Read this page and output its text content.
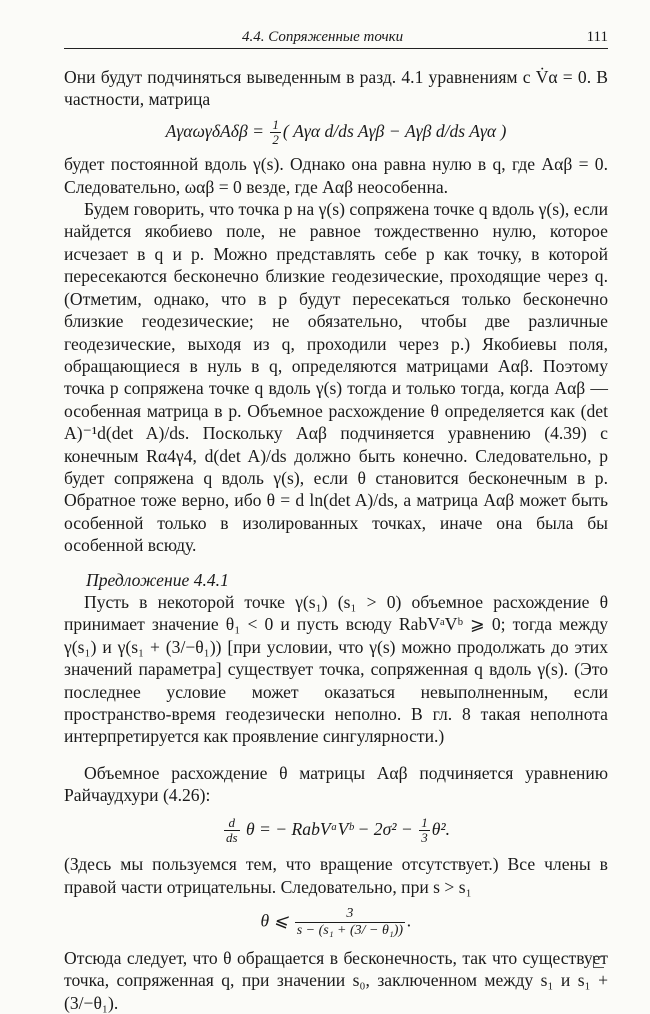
4.4. Сопряженные точки	111

Они будут подчиняться выведенным в разд. 4.1 уравнениям с V̇α = 0. В частности, матрица

$A\gamma\alpha\omega\gamma\delta A\delta\beta = \frac{1}{2}$ ( Aγα d/ds Aγβ − Aγβ d/ds Aγα )

будет постоянной вдоль γ(s). Однако она равна нулю в q, где Aαβ = 0. Следовательно, ωαβ = 0 везде, где Aαβ неособенна.

Будем говорить, что точка p на γ(s) сопряжена точке q вдоль γ(s), если найдется якобиево поле, не равное тождественно нулю, которое исчезает в q и p. Можно представлять себе p как точку, в которой пересекаются бесконечно близкие геодезические, проходящие через q. (Отметим, однако, что в p будут пересекаться только бесконечно близкие геодезические; не обязательно, чтобы две различные геодезические, выходя из q, проходили через p.) Якобиевы поля, обращающиеся в нуль в q, определяются матрицами Aαβ. Поэтому точка p сопряжена точке q вдоль γ(s) тогда и только тогда, когда Aαβ — особенная матрица в p. Объемное расхождение θ определяется как (det A)⁻¹d(det A)/ds. Поскольку Aαβ подчиняется уравнению (4.39) с конечным Rα4γ4, d(det A)/ds должно быть конечно. Следовательно, p будет сопряжена q вдоль γ(s), если θ становится бесконечным в p. Обратное тоже верно, ибо θ = d ln(det A)/ds, а матрица Aαβ может быть особенной только в изолированных точках, иначе она была бы особенной всюду.

Предложение 4.4.1

Пусть в некоторой точке γ(s₁) (s₁ > 0) объемное расхождение θ принимает значение θ₁ < 0 и пусть всюду RabVᵃVᵇ ⩾ 0; тогда между γ(s₁) и γ(s₁ + (3/−θ₁)) [при условии, что γ(s) можно продолжать до этих значений параметра] существует точка, сопряженная q вдоль γ(s). (Это последнее условие может оказаться невыполненным, если пространство-время геодезически неполно. В гл. 8 такая неполнота интерпретируется как проявление сингулярности.)

Объемное расхождение θ матрицы Aαβ подчиняется уравнению Райчаудхури (4.26):

$\frac{d}{ds}$ θ = − RabVᵃVᵇ − $2\sigma^2 - \frac{1}{3} \theta^2$.

(Здесь мы пользуемся тем, что вращение отсутствует.) Все члены в правой части отрицательны. Следовательно, при s > s₁

θ ⩽ $\frac{3}{\text{s − (s₁ + (3/ − θ₁))}}$ .

Отсюда следует, что θ обращается в бесконечность, так что существует точка, сопряженная q, при значении s₀, заключенном между s₁ и s₁ + (3/−θ₁).
